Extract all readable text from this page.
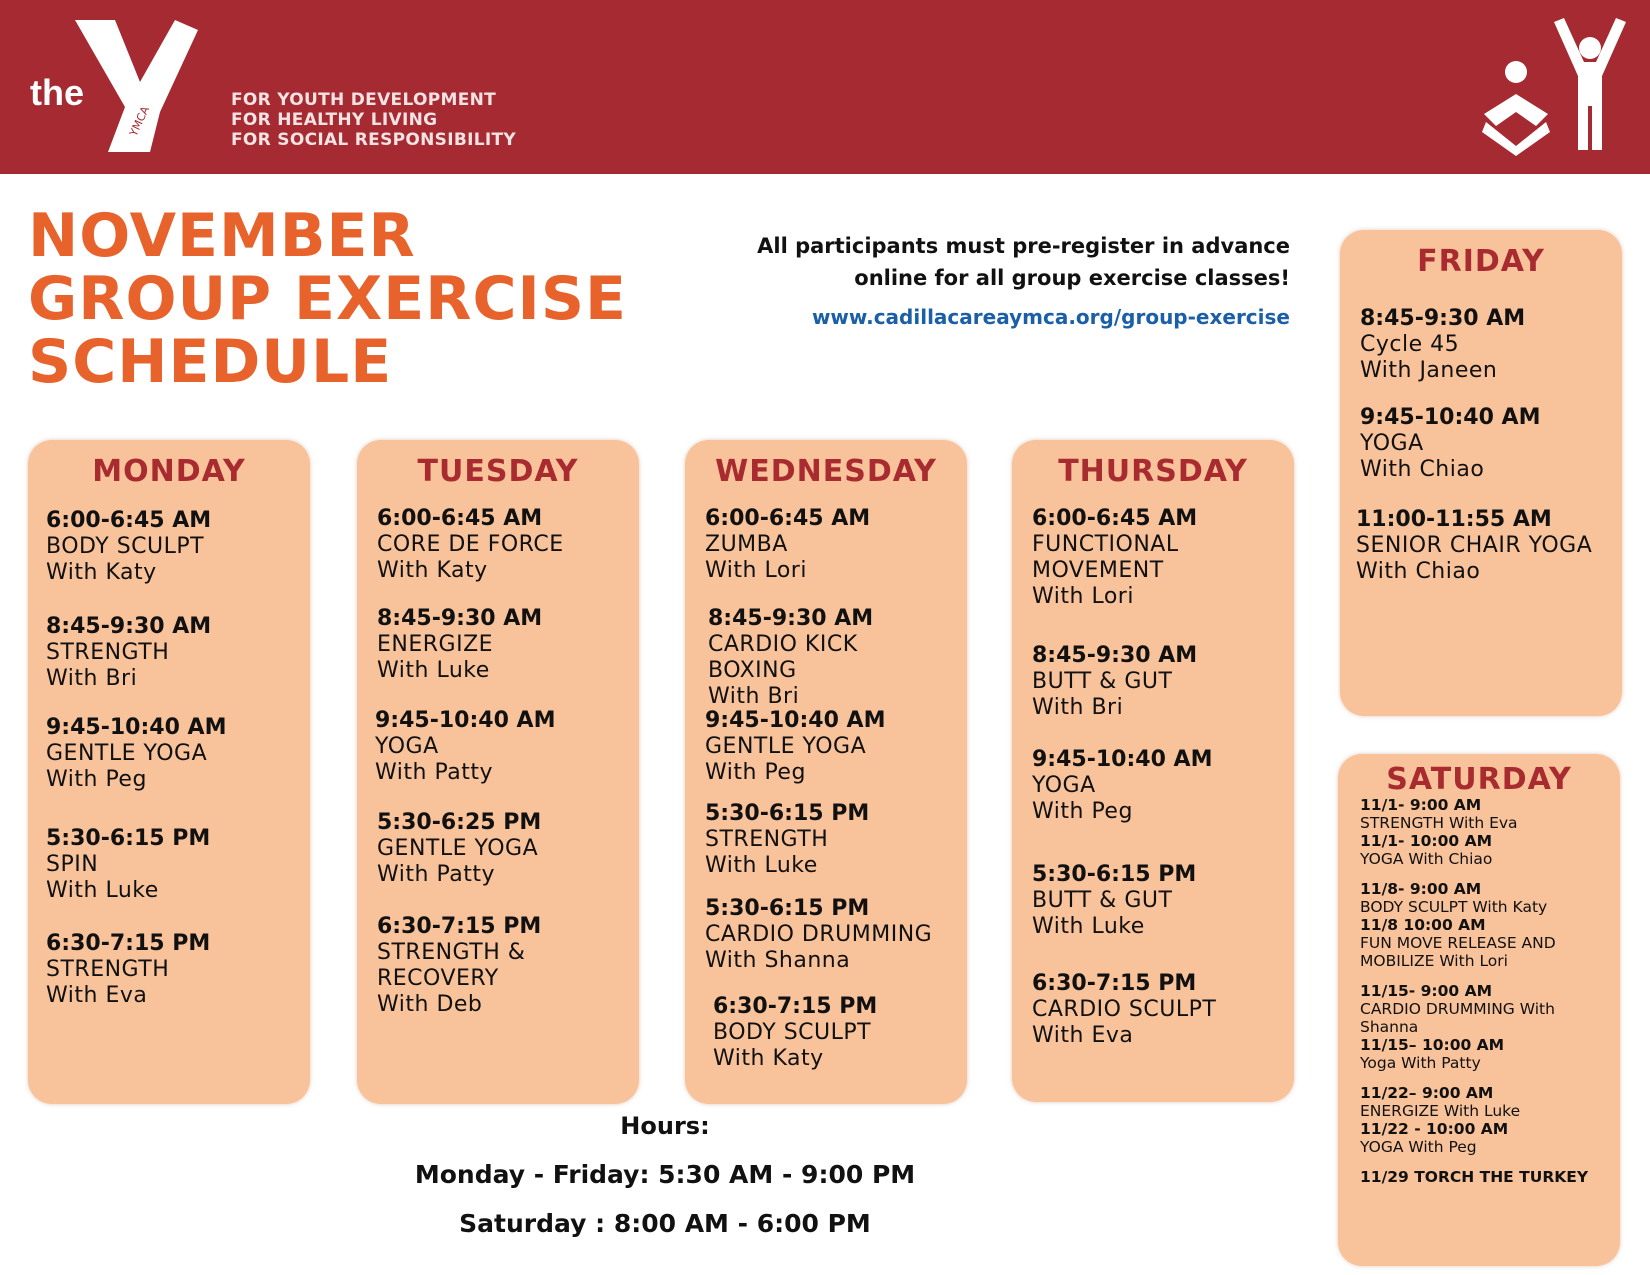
the
YMCA
FOR YOUTH DEVELOPMENT
FOR HEALTHY LIVING
FOR SOCIAL RESPONSIBILITY
NOVEMBER
GROUP EXERCISE
SCHEDULE
All participants must pre-register in advance
online for all group exercise classes!
www.cadillacareaymca.org/group-exercise
MONDAY
6:00-6:45 AM
BODY SCULPT
With Katy
8:45-9:30 AM
STRENGTH
With Bri
9:45-10:40 AM
GENTLE YOGA
With Peg
5:30-6:15 PM
SPIN
With Luke
6:30-7:15 PM
STRENGTH
With Eva
TUESDAY
6:00-6:45 AM
CORE DE FORCE
With Katy
8:45-9:30 AM
ENERGIZE
With Luke
9:45-10:40 AM
YOGA
With Patty
5:30-6:25 PM
GENTLE YOGA
With Patty
6:30-7:15 PM
STRENGTH &
RECOVERY
With Deb
WEDNESDAY
6:00-6:45 AM
ZUMBA
With Lori
8:45-9:30 AM
CARDIO KICK
BOXING
With Bri
9:45-10:40 AM
GENTLE YOGA
With Peg
5:30-6:15 PM
STRENGTH
With Luke
5:30-6:15 PM
CARDIO DRUMMING
With Shanna
6:30-7:15 PM
BODY SCULPT
With Katy
THURSDAY
6:00-6:45 AM
FUNCTIONAL
MOVEMENT
With Lori
8:45-9:30 AM
BUTT & GUT
With Bri
9:45-10:40 AM
YOGA
With Peg
5:30-6:15 PM
BUTT & GUT
With Luke
6:30-7:15 PM
CARDIO SCULPT
With Eva
FRIDAY
8:45-9:30 AM
Cycle 45
With Janeen
9:45-10:40 AM
YOGA
With Chiao
11:00-11:55 AM
SENIOR CHAIR YOGA
With Chiao
SATURDAY
11/1- 9:00 AM
STRENGTH With Eva
11/1- 10:00 AM
YOGA With Chiao
11/8- 9:00 AM
BODY SCULPT With Katy
11/8 10:00 AM
FUN MOVE RELEASE AND MOBILIZE With Lori
11/15- 9:00 AM
CARDIO DRUMMING With Shanna
11/15– 10:00 AM
Yoga With Patty
11/22– 9:00 AM
ENERGIZE With Luke
11/22 - 10:00 AM
YOGA With Peg
11/29 TORCH THE TURKEY
Hours:
Monday - Friday: 5:30 AM - 9:00 PM
Saturday : 8:00 AM - 6:00 PM
